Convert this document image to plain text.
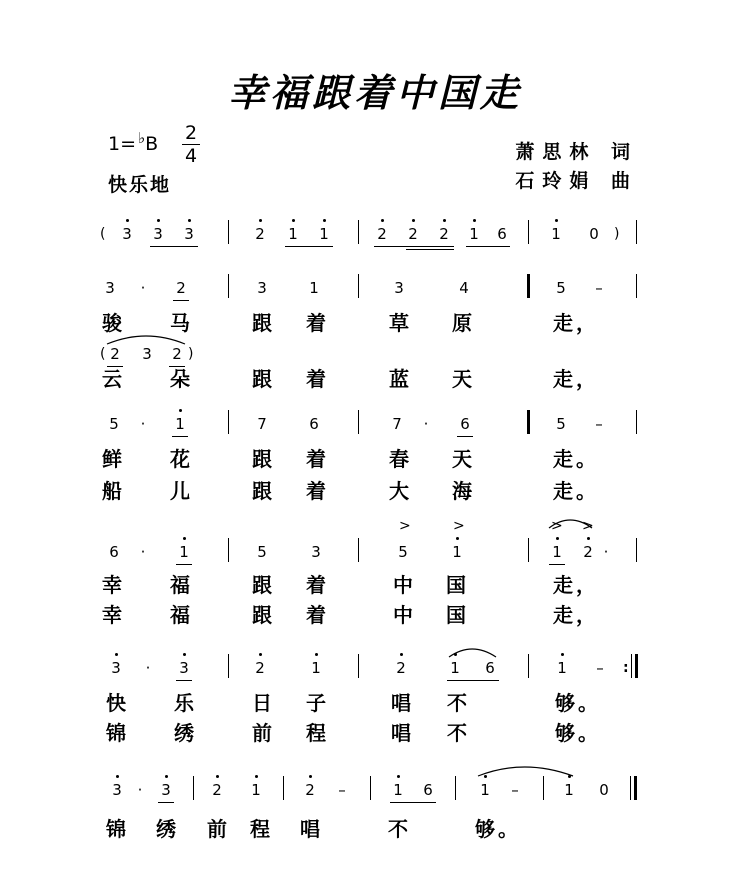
幸福跟着中国走
1= ♭B 2
4
快乐地
萧思林 词
石玲娟 曲
( 3 3 3	2 1 1	2 2 2 1 6	1 0 )
3	·	2	3	1	3	4	5 –
骏 马	跟 着	草 原	走 ，
( 2 3 2 )
云 朵	跟 着	蓝 天	走 ，
5	·	1	7	6	7	·	6	5 –
鲜 花	跟 着	春 天	走 。
船 儿	跟 着	大 海	走 。
>	>	> >
6	·	1	5	3	5	1	1 2 ·
幸 福	跟 着	中 国	走 ，
幸 福	跟 着	中 国	走 ，
3	·	3	2	1	2	1 6	1 –	:
快 乐	日 子	唱 不	够 。
锦 绣	前 程	唱 不	够 。
3	·	3	2 1	2 –	1 6	1 –	1 0
锦 绣 前 程 唱	不	够 。
